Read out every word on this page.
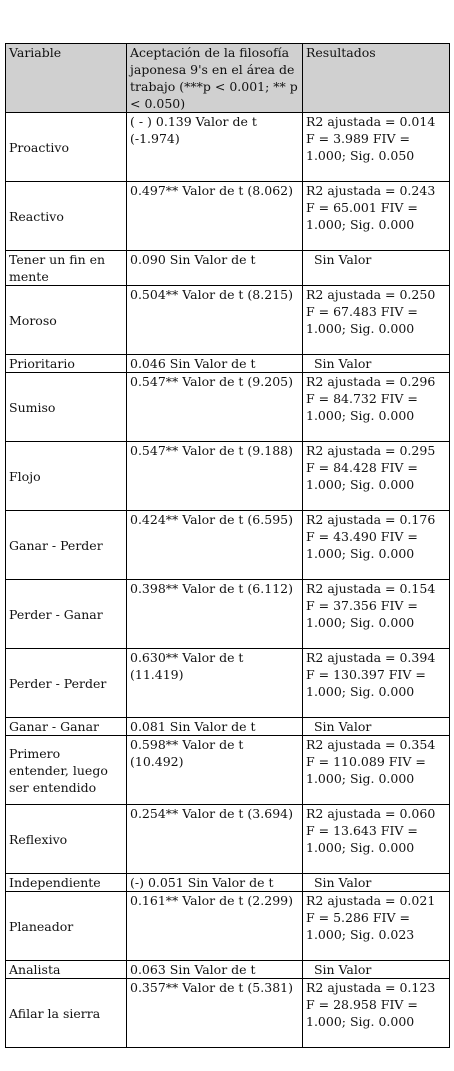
Variable	Aceptación de la filosofía japonesa 9's en el área de trabajo (***p < 0.001; ** p < 0.050)	Resultados
Proactivo	( - ) 0.139 Valor de t (-1.974)	R2 ajustada = 0.014 F = 3.989 FIV = 1.000; Sig. 0.050
Reactivo	0.497** Valor de t (8.062)	R2 ajustada = 0.243 F = 65.001 FIV = 1.000; Sig. 0.000
Tener un fin en mente	0.090 Sin Valor de t	Sin Valor
Moroso	0.504** Valor de t (8.215)	R2 ajustada = 0.250 F = 67.483 FIV = 1.000; Sig. 0.000
Prioritario	0.046 Sin Valor de t	Sin Valor
Sumiso	0.547** Valor de t (9.205)	R2 ajustada = 0.296 F = 84.732 FIV = 1.000; Sig. 0.000
Flojo	0.547** Valor de t (9.188)	R2 ajustada = 0.295 F = 84.428 FIV = 1.000; Sig. 0.000
Ganar - Perder	0.424** Valor de t (6.595)	R2 ajustada = 0.176 F = 43.490 FIV = 1.000; Sig. 0.000
Perder - Ganar	0.398** Valor de t (6.112)	R2 ajustada = 0.154 F = 37.356 FIV = 1.000; Sig. 0.000
Perder - Perder	0.630** Valor de t (11.419)	R2 ajustada = 0.394 F = 130.397 FIV = 1.000; Sig. 0.000
Ganar - Ganar	0.081 Sin Valor de t	Sin Valor
Primero entender, luego ser entendido	0.598** Valor de t (10.492)	R2 ajustada = 0.354 F = 110.089 FIV = 1.000; Sig. 0.000
Reflexivo	0.254** Valor de t (3.694)	R2 ajustada = 0.060 F = 13.643 FIV = 1.000; Sig. 0.000
Independiente	(-) 0.051 Sin Valor de t	Sin Valor
Planeador	0.161** Valor de t (2.299)	R2 ajustada = 0.021 F = 5.286 FIV = 1.000; Sig. 0.023
Analista	0.063 Sin Valor de t	Sin Valor
Afilar la sierra	0.357** Valor de t (5.381)	R2 ajustada = 0.123 F = 28.958 FIV = 1.000; Sig. 0.000
